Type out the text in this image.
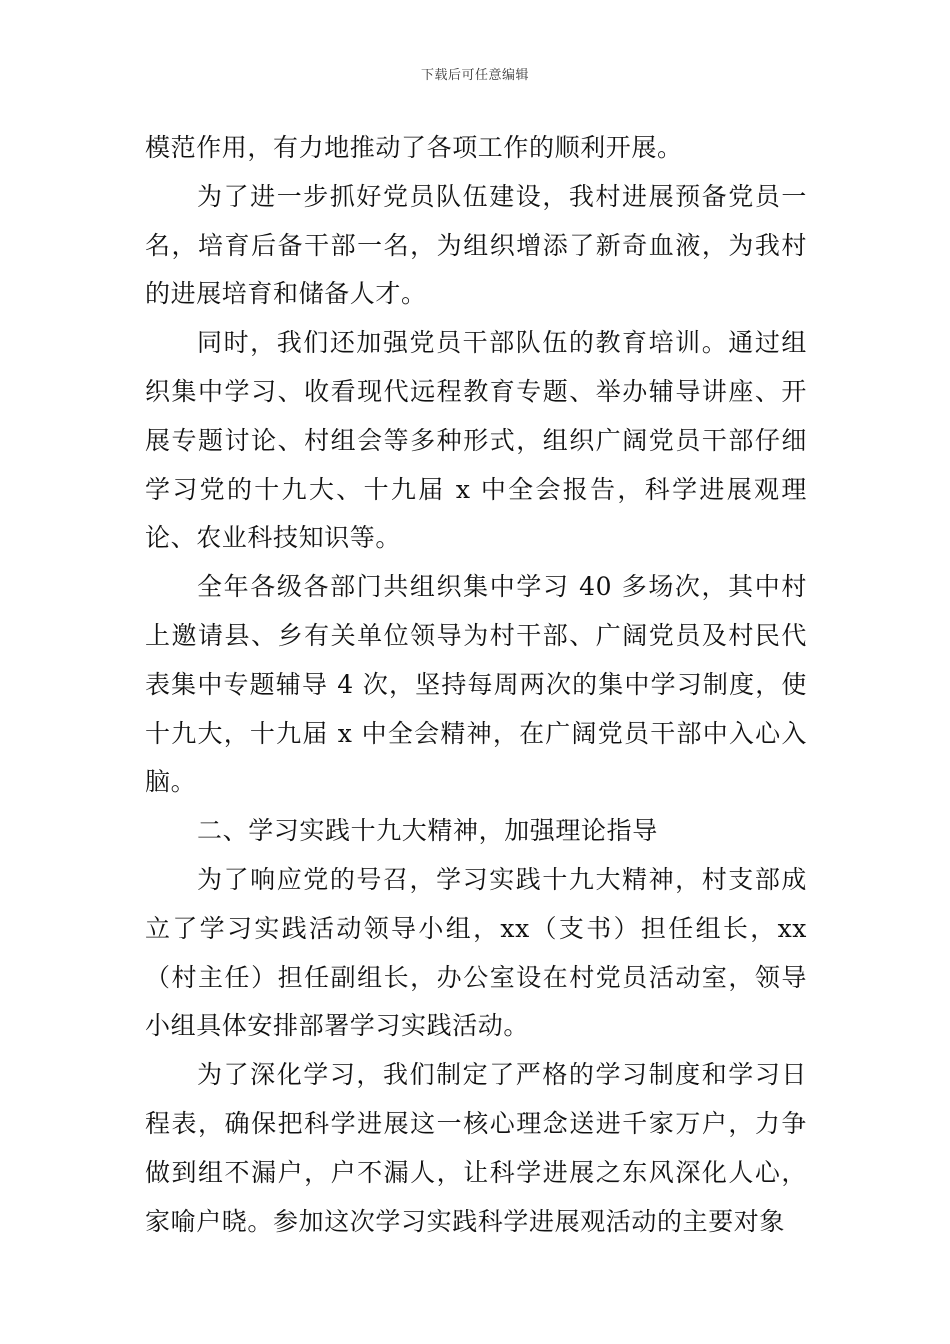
下载后可任意编辑

模范作用，有力地推动了各项工作的顺利开展。

为了进一步抓好党员队伍建设，我村进展预备党员一名，培育后备干部一名，为组织增添了新奇血液，为我村的进展培育和储备人才。

同时，我们还加强党员干部队伍的教育培训。通过组织集中学习、收看现代远程教育专题、举办辅导讲座、开展专题讨论、村组会等多种形式，组织广阔党员干部仔细学习党的十九大、十九届 x 中全会报告，科学进展观理论、农业科技知识等。

全年各级各部门共组织集中学习 40 多场次，其中村上邀请县、乡有关单位领导为村干部、广阔党员及村民代表集中专题辅导 4 次，坚持每周两次的集中学习制度，使十九大，十九届 x 中全会精神，在广阔党员干部中入心入脑。

二、学习实践十九大精神，加强理论指导

为了响应党的号召，学习实践十九大精神，村支部成立了学习实践活动领导小组，xx（支书）担任组长，xx（村主任）担任副组长，办公室设在村党员活动室，领导小组具体安排部署学习实践活动。

为了深化学习，我们制定了严格的学习制度和学习日程表，确保把科学进展这一核心理念送进千家万户，力争做到组不漏户，户不漏人，让科学进展之东风深化人心，家喻户晓。参加这次学习实践科学进展观活动的主要对象
